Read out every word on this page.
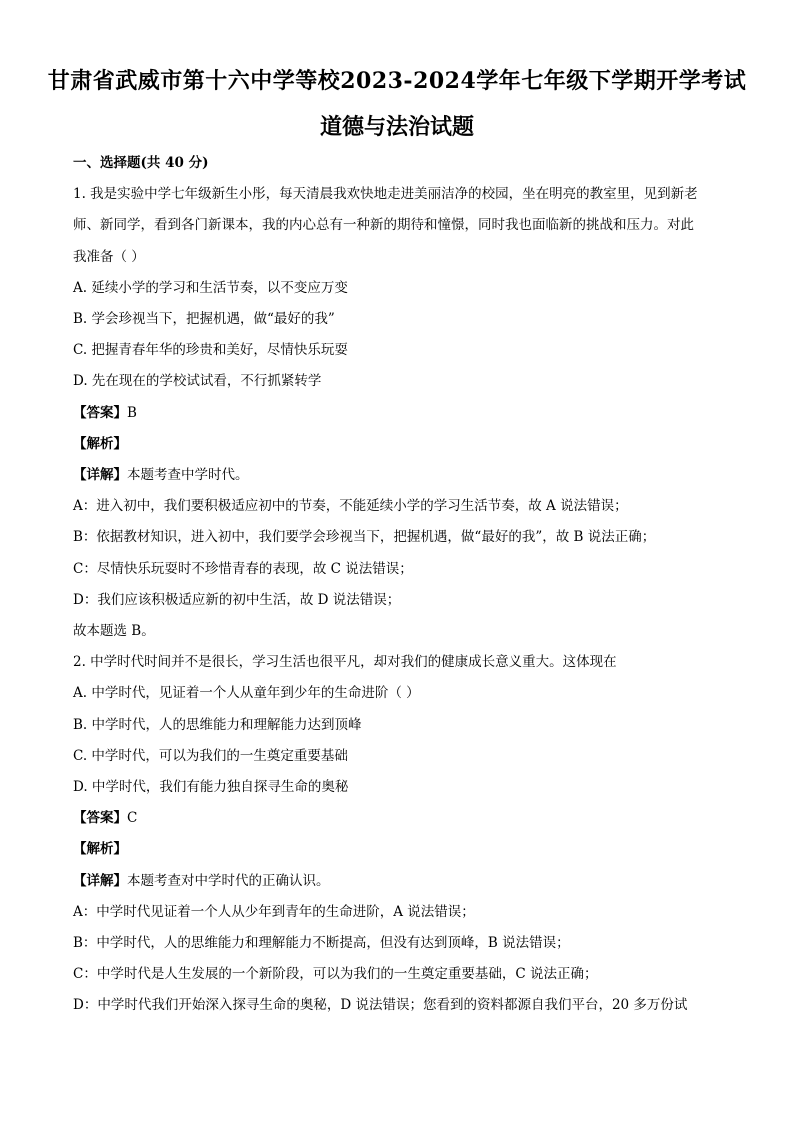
甘肃省武威市第十六中学等校2023-2024学年七年级下学期开学考试
道德与法治试题

一、选择题(共 40 分)

1. 我是实验中学七年级新生小彤，每天清晨我欢快地走进美丽洁净的校园，坐在明亮的教室里，见到新老

师、新同学，看到各门新课本，我的内心总有一种新的期待和憧憬，同时我也面临新的挑战和压力。对此

我准备（ ）

A. 延续小学的学习和生活节奏，以不变应万变

B. 学会珍视当下，把握机遇，做“最好的我”

C. 把握青春年华的珍贵和美好，尽情快乐玩耍

D. 先在现在的学校试试看，不行抓紧转学

【答案】B

【解析】

【详解】本题考查中学时代。

A：进入初中，我们要积极适应初中的节奏，不能延续小学的学习生活节奏，故 A 说法错误；

B：依据教材知识，进入初中，我们要学会珍视当下，把握机遇，做“最好的我”，故 B 说法正确；

C：尽情快乐玩耍时不珍惜青春的表现，故 C 说法错误；

D：我们应该积极适应新的初中生活，故 D 说法错误；

故本题选 B。

2. 中学时代时间并不是很长，学习生活也很平凡，却对我们的健康成长意义重大。这体现在

A. 中学时代，见证着一个人从童年到少年的生命进阶（ ）

B. 中学时代，人的思维能力和理解能力达到顶峰

C. 中学时代，可以为我们的一生奠定重要基础

D. 中学时代，我们有能力独自探寻生命的奥秘

【答案】C

【解析】

【详解】本题考查对中学时代的正确认识。

A：中学时代见证着一个人从少年到青年的生命进阶，A 说法错误；

B：中学时代，人的思维能力和理解能力不断提高，但没有达到顶峰，B 说法错误；

C：中学时代是人生发展的一个新阶段，可以为我们的一生奠定重要基础，C 说法正确；

D：中学时代我们开始深入探寻生命的奥秘，D 说法错误；您看到的资料都源自我们平台，20 多万份试
